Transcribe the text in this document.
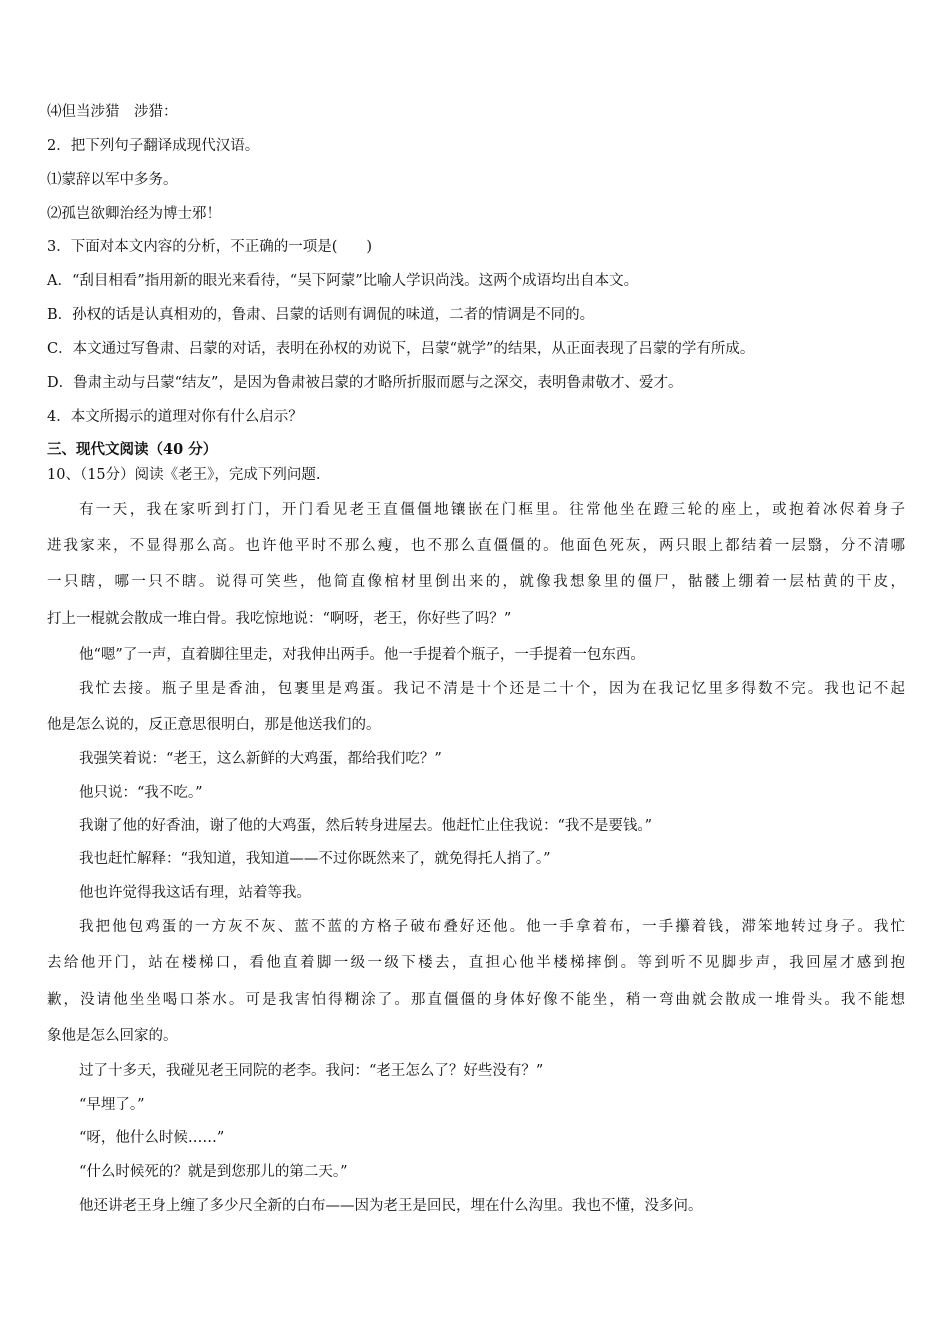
⑷但当涉猎　涉猎：
2．把下列句子翻译成现代汉语。
⑴蒙辞以军中多务。
⑵孤岂欲卿治经为博士邪！
3．下面对本文内容的分析，不正确的一项是(　　)
A．“刮目相看”指用新的眼光来看待，“吴下阿蒙”比喻人学识尚浅。这两个成语均出自本文。
B．孙权的话是认真相劝的，鲁肃、吕蒙的话则有调侃的味道，二者的情调是不同的。
C．本文通过写鲁肃、吕蒙的对话，表明在孙权的劝说下，吕蒙“就学”的结果，从正面表现了吕蒙的学有所成。
D．鲁肃主动与吕蒙“结友”，是因为鲁肃被吕蒙的才略所折服而愿与之深交，表明鲁肃敬才、爱才。
4．本文所揭示的道理对你有什么启示？
三、现代文阅读（40 分）
10、（15分）阅读《老王》，完成下列问题.
有一天，我在家听到打门，开门看见老王直僵僵地镶嵌在门框里。往常他坐在蹬三轮的座上，或抱着冰侭着身子
进我家来，不显得那么高。也许他平时不那么瘦，也不那么直僵僵的。他面色死灰，两只眼上都结着一层翳，分不清哪
一只瞎，哪一只不瞎。说得可笑些，他简直像棺材里倒出来的，就像我想象里的僵尸，骷髅上绷着一层枯黄的干皮，
打上一棍就会散成一堆白骨。我吃惊地说：“啊呀，老王，你好些了吗？”
他“嗯”了一声，直着脚往里走，对我伸出两手。他一手提着个瓶子，一手提着一包东西。
我忙去接。瓶子里是香油，包裹里是鸡蛋。我记不清是十个还是二十个，因为在我记忆里多得数不完。我也记不起
他是怎么说的，反正意思很明白，那是他送我们的。
我强笑着说：“老王，这么新鲜的大鸡蛋，都给我们吃？”
他只说：“我不吃。”
我谢了他的好香油，谢了他的大鸡蛋，然后转身进屋去。他赶忙止住我说：“我不是要钱。”
我也赶忙解释：“我知道，我知道——不过你既然来了，就免得托人捎了。”
他也许觉得我这话有理，站着等我。
我把他包鸡蛋的一方灰不灰、蓝不蓝的方格子破布叠好还他。他一手拿着布，一手攥着钱，滞笨地转过身子。我忙
去给他开门，站在楼梯口，看他直着脚一级一级下楼去，直担心他半楼梯摔倒。等到听不见脚步声，我回屋才感到抱
歉，没请他坐坐喝口茶水。可是我害怕得糊涂了。那直僵僵的身体好像不能坐，稍一弯曲就会散成一堆骨头。我不能想
象他是怎么回家的。
过了十多天，我碰见老王同院的老李。我问：“老王怎么了？好些没有？”
“早埋了。”
“呀，他什么时候……”
“什么时候死的？就是到您那儿的第二天。”
他还讲老王身上缠了多少尺全新的白布——因为老王是回民，埋在什么沟里。我也不懂，没多问。
